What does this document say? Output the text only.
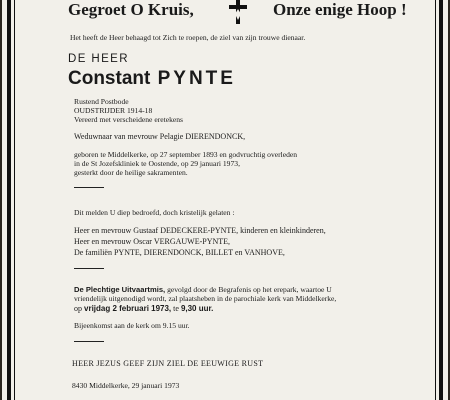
Gegroet O Kruis,	Onze enige Hoop !
Het heeft de Heer behaagd tot Zich te roepen, de ziel van zijn trouwe dienaar.
DE HEER
Constant PYNTE
Rustend Postbode
OUDSTRIJDER 1914-18
Vereerd met verscheidene eretekens
Weduwnaar van mevrouw Pelagie DIERENDONCK,
geboren te Middelkerke, op 27 september 1893 en godvruchtig overleden
in de St Jozefskliniek te Oostende, op 29 januari 1973,
gesterkt door de heilige sakramenten.
Dit melden U diep bedroefd, doch kristelijk gelaten :
Heer en mevrouw Gustaaf DEDECKERE-PYNTE, kinderen en kleinkinderen,
Heer en mevrouw Oscar VERGAUWE-PYNTE,
De familiën PYNTE, DIERENDONCK, BILLET en VANHOVE,
De Plechtige Uitvaartmis, gevolgd door de Begrafenis op het erepark, waartoe U
vriendelijk uitgenodigd wordt, zal plaatsheben in de parochiale kerk van Middelkerke,
op vrijdag 2 februari 1973, te 9,30 uur.
Bijeenkomst aan de kerk om 9.15 uur.
HEER JEZUS GEEF ZIJN ZIEL DE EEUWIGE RUST
8430 Middelkerke, 29 januari 1973
